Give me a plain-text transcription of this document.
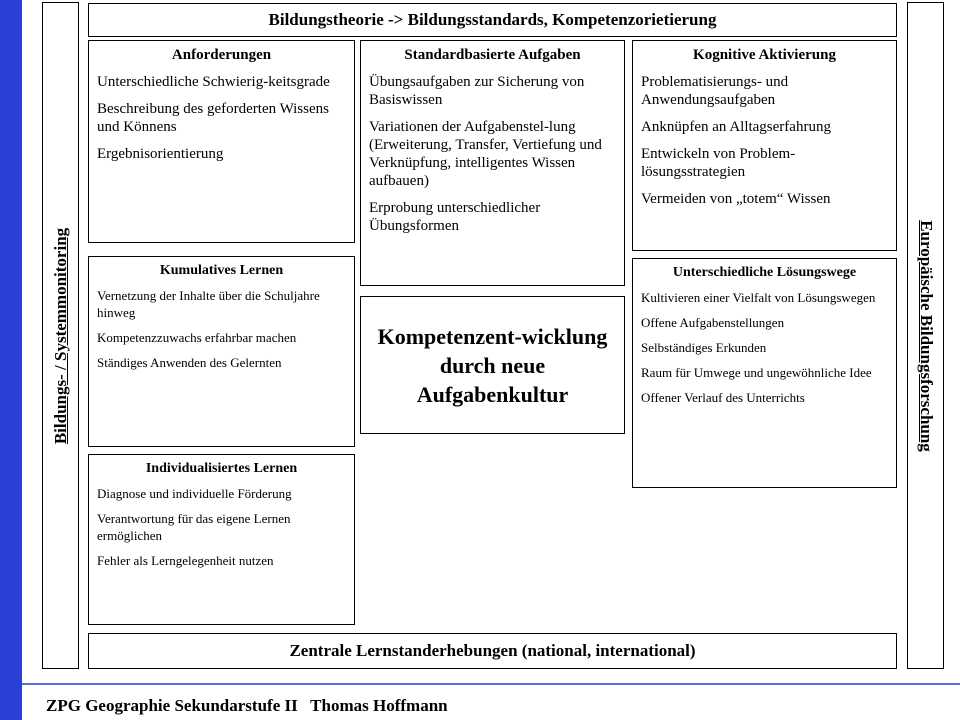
Bildungs- / Systemmonitoring	Europäische Bildungsforschung
Bildungstheorie -> Bildungsstandards, Kompetenzorietierung
Anforderungen

Unterschiedliche Schwierig-keitsgrade

Beschreibung des geforderten Wissens und Könnens

Ergebnisorientierung

Standardbasierte Aufgaben

Übungsaufgaben zur Sicherung von Basiswissen

Variationen der Aufgabenstel-lung (Erweiterung, Transfer, Vertiefung und Verknüpfung, intelligentes Wissen aufbauen)

Erprobung unterschiedlicher Übungsformen

Kognitive Aktivierung

Problematisierungs- und Anwendungsaufgaben

Anknüpfen an Alltagserfahrung

Entwickeln von Problem-lösungsstrategien

Vermeiden von „totem“ Wissen

Kumulatives Lernen

Vernetzung der Inhalte über die Schuljahre hinweg

Kompetenzzuwachs erfahrbar machen

Ständiges Anwenden des Gelernten

Kompetenzent-wicklung durch neue Aufgabenkultur
Unterschiedliche Lösungswege

Kultivieren einer Vielfalt von Lösungswegen

Offene Aufgabenstellungen

Selbständiges Erkunden

Raum für Umwege und ungewöhnliche Idee

Offener Verlauf des Unterrichts

Individualisiertes Lernen

Diagnose und individuelle Förderung

Verantwortung für das eigene Lernen ermöglichen

Fehler als Lerngelegenheit nutzen

Zentrale Lernstanderhebungen (national, international)
ZPG Geographie Sekundarstufe II   Thomas Hoffmann
